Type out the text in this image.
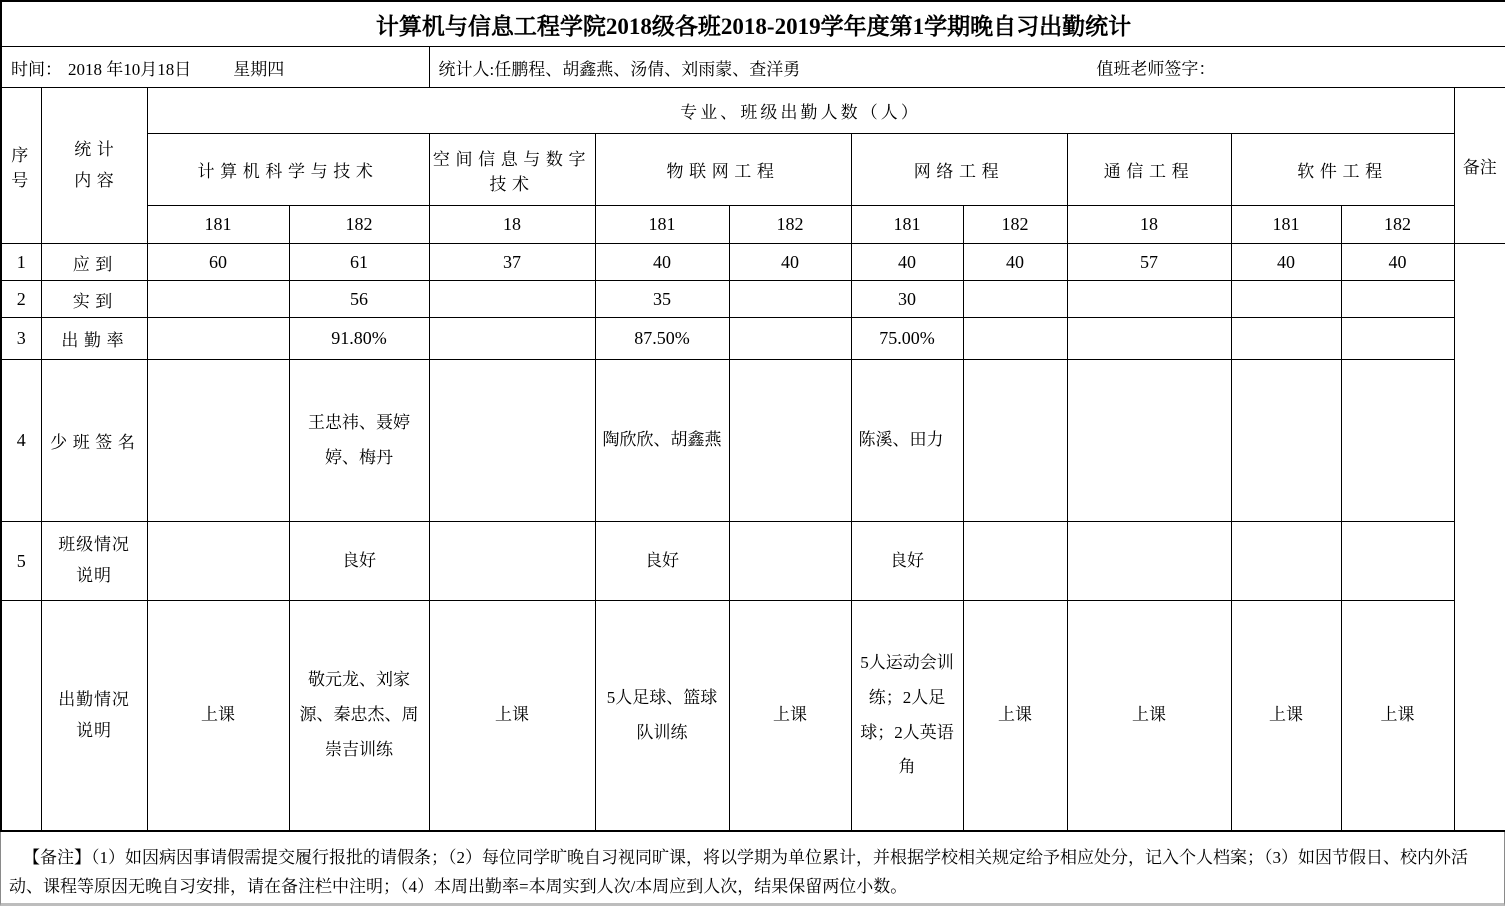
计算机与信息工程学院2018级各班2018-2019学年度第1学期晚自习出勤统计												
时间： 2018 年10月18日 星期四				统计人:任鹏程、胡鑫燕、汤倩、刘雨蒙、查洋勇 值班老师签字：								

序号	统计内容	专业、班级出勤人数（人）										备注
		计算机科学与技术		空间信息与数字技术	物联网工程		网络工程		通信工程	软件工程		
		181	182	18	181	182	181	182	18	181	182	
1	应到	60	61	37	40	40	40	40	57	40	40	
2	实到		56		35		30					
3	出勤率		91.80%		87.50%		75.00%					
4	少班签名		王忠祎、聂婷婷、梅丹		陶欣欣、胡鑫燕		陈溪、田力					
5	班级情况说明		良好		良好		良好					
	出勤情况说明	上课	敬元龙、刘家源、秦忠杰、周崇吉训练	上课	5人足球、篮球队训练	上课	5人运动会训练；2人足球；2人英语角	上课	上课	上课	上课	
【备注】（1）如因病因事请假需提交履行报批的请假条；（2）每位同学旷晚自习视同旷课，将以学期为单位累计，并根据学校相关规定给予相应处分，记入个人档案；（3）如因节假日、校内外活动、课程等原因无晚自习安排，请在备注栏中注明；（4）本周出勤率=本周实到人次/本周应到人次，结果保留两位小数。
